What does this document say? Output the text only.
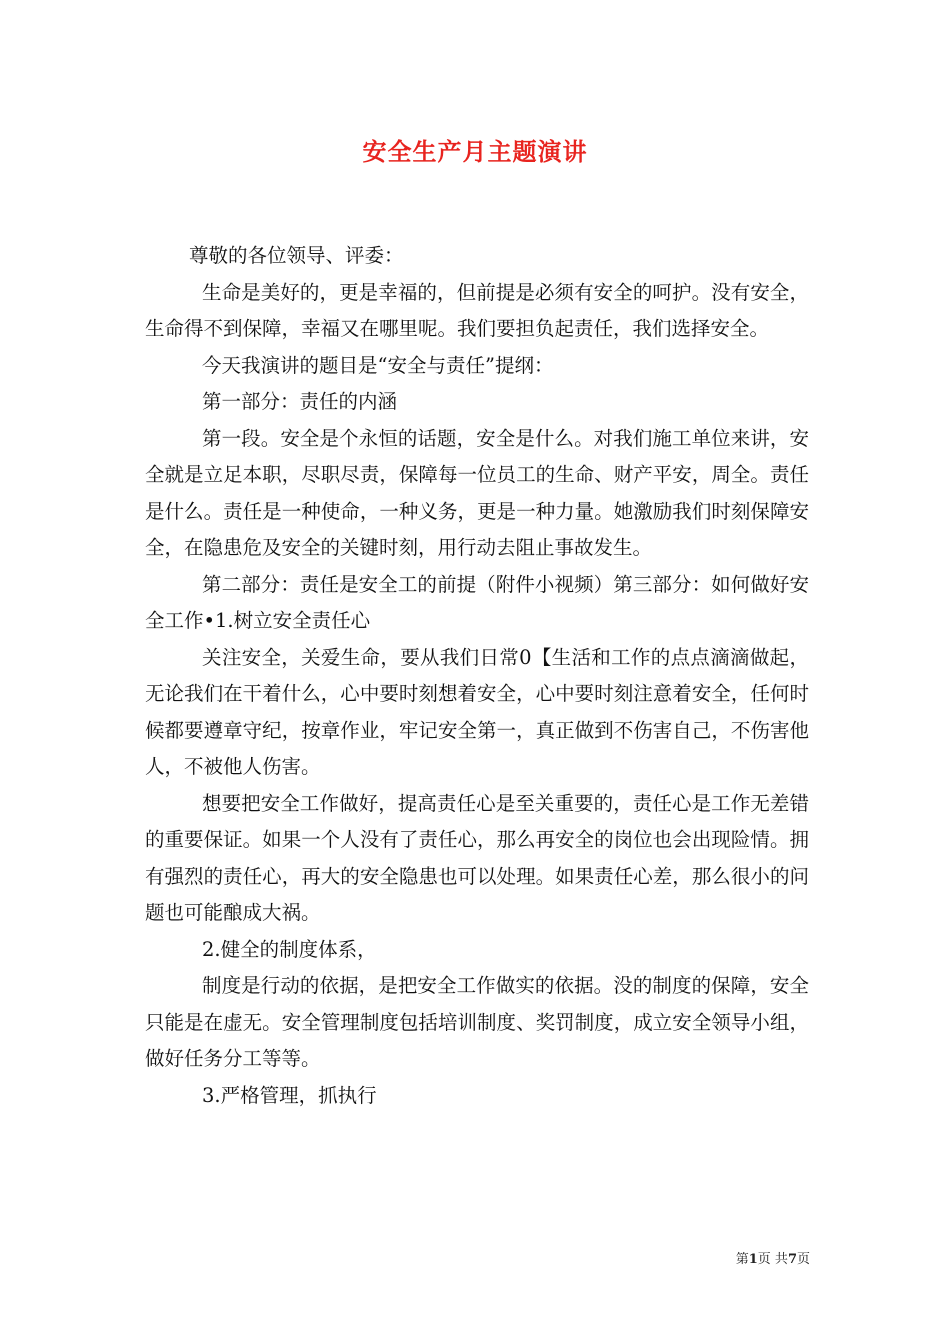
安全生产月主题演讲

尊敬的各位领导、评委：

生命是美好的，更是幸福的，但前提是必须有安全的呵护。没有安全，生命得不到保障，幸福又在哪里呢。我们要担负起责任，我们选择安全。

今天我演讲的题目是“安全与责任”提纲：

第一部分：责任的内涵

第一段。安全是个永恒的话题，安全是什么。对我们施工单位来讲，安全就是立足本职，尽职尽责，保障每一位员工的生命、财产平安，周全。责任是什么。责任是一种使命，一种义务，更是一种力量。她激励我们时刻保障安全，在隐患危及安全的关键时刻，用行动去阻止事故发生。

第二部分：责任是安全工的前提（附件小视频）第三部分：如何做好安全工作•1.树立安全责任心

关注安全，关爱生命，要从我们日常0【生活和工作的点点滴滴做起，无论我们在干着什么，心中要时刻想着安全，心中要时刻注意着安全，任何时候都要遵章守纪，按章作业，牢记安全第一，真正做到不伤害自己，不伤害他人，不被他人伤害。

想要把安全工作做好，提高责任心是至关重要的，责任心是工作无差错的重要保证。如果一个人没有了责任心，那么再安全的岗位也会出现险情。拥有强烈的责任心，再大的安全隐患也可以处理。如果责任心差，那么很小的问题也可能酿成大祸。

2.健全的制度体系，

制度是行动的依据，是把安全工作做实的依据。没的制度的保障，安全只能是在虚无。安全管理制度包括培训制度、奖罚制度，成立安全领导小组，做好任务分工等等。

3.严格管理，抓执行

第1页 共7页
